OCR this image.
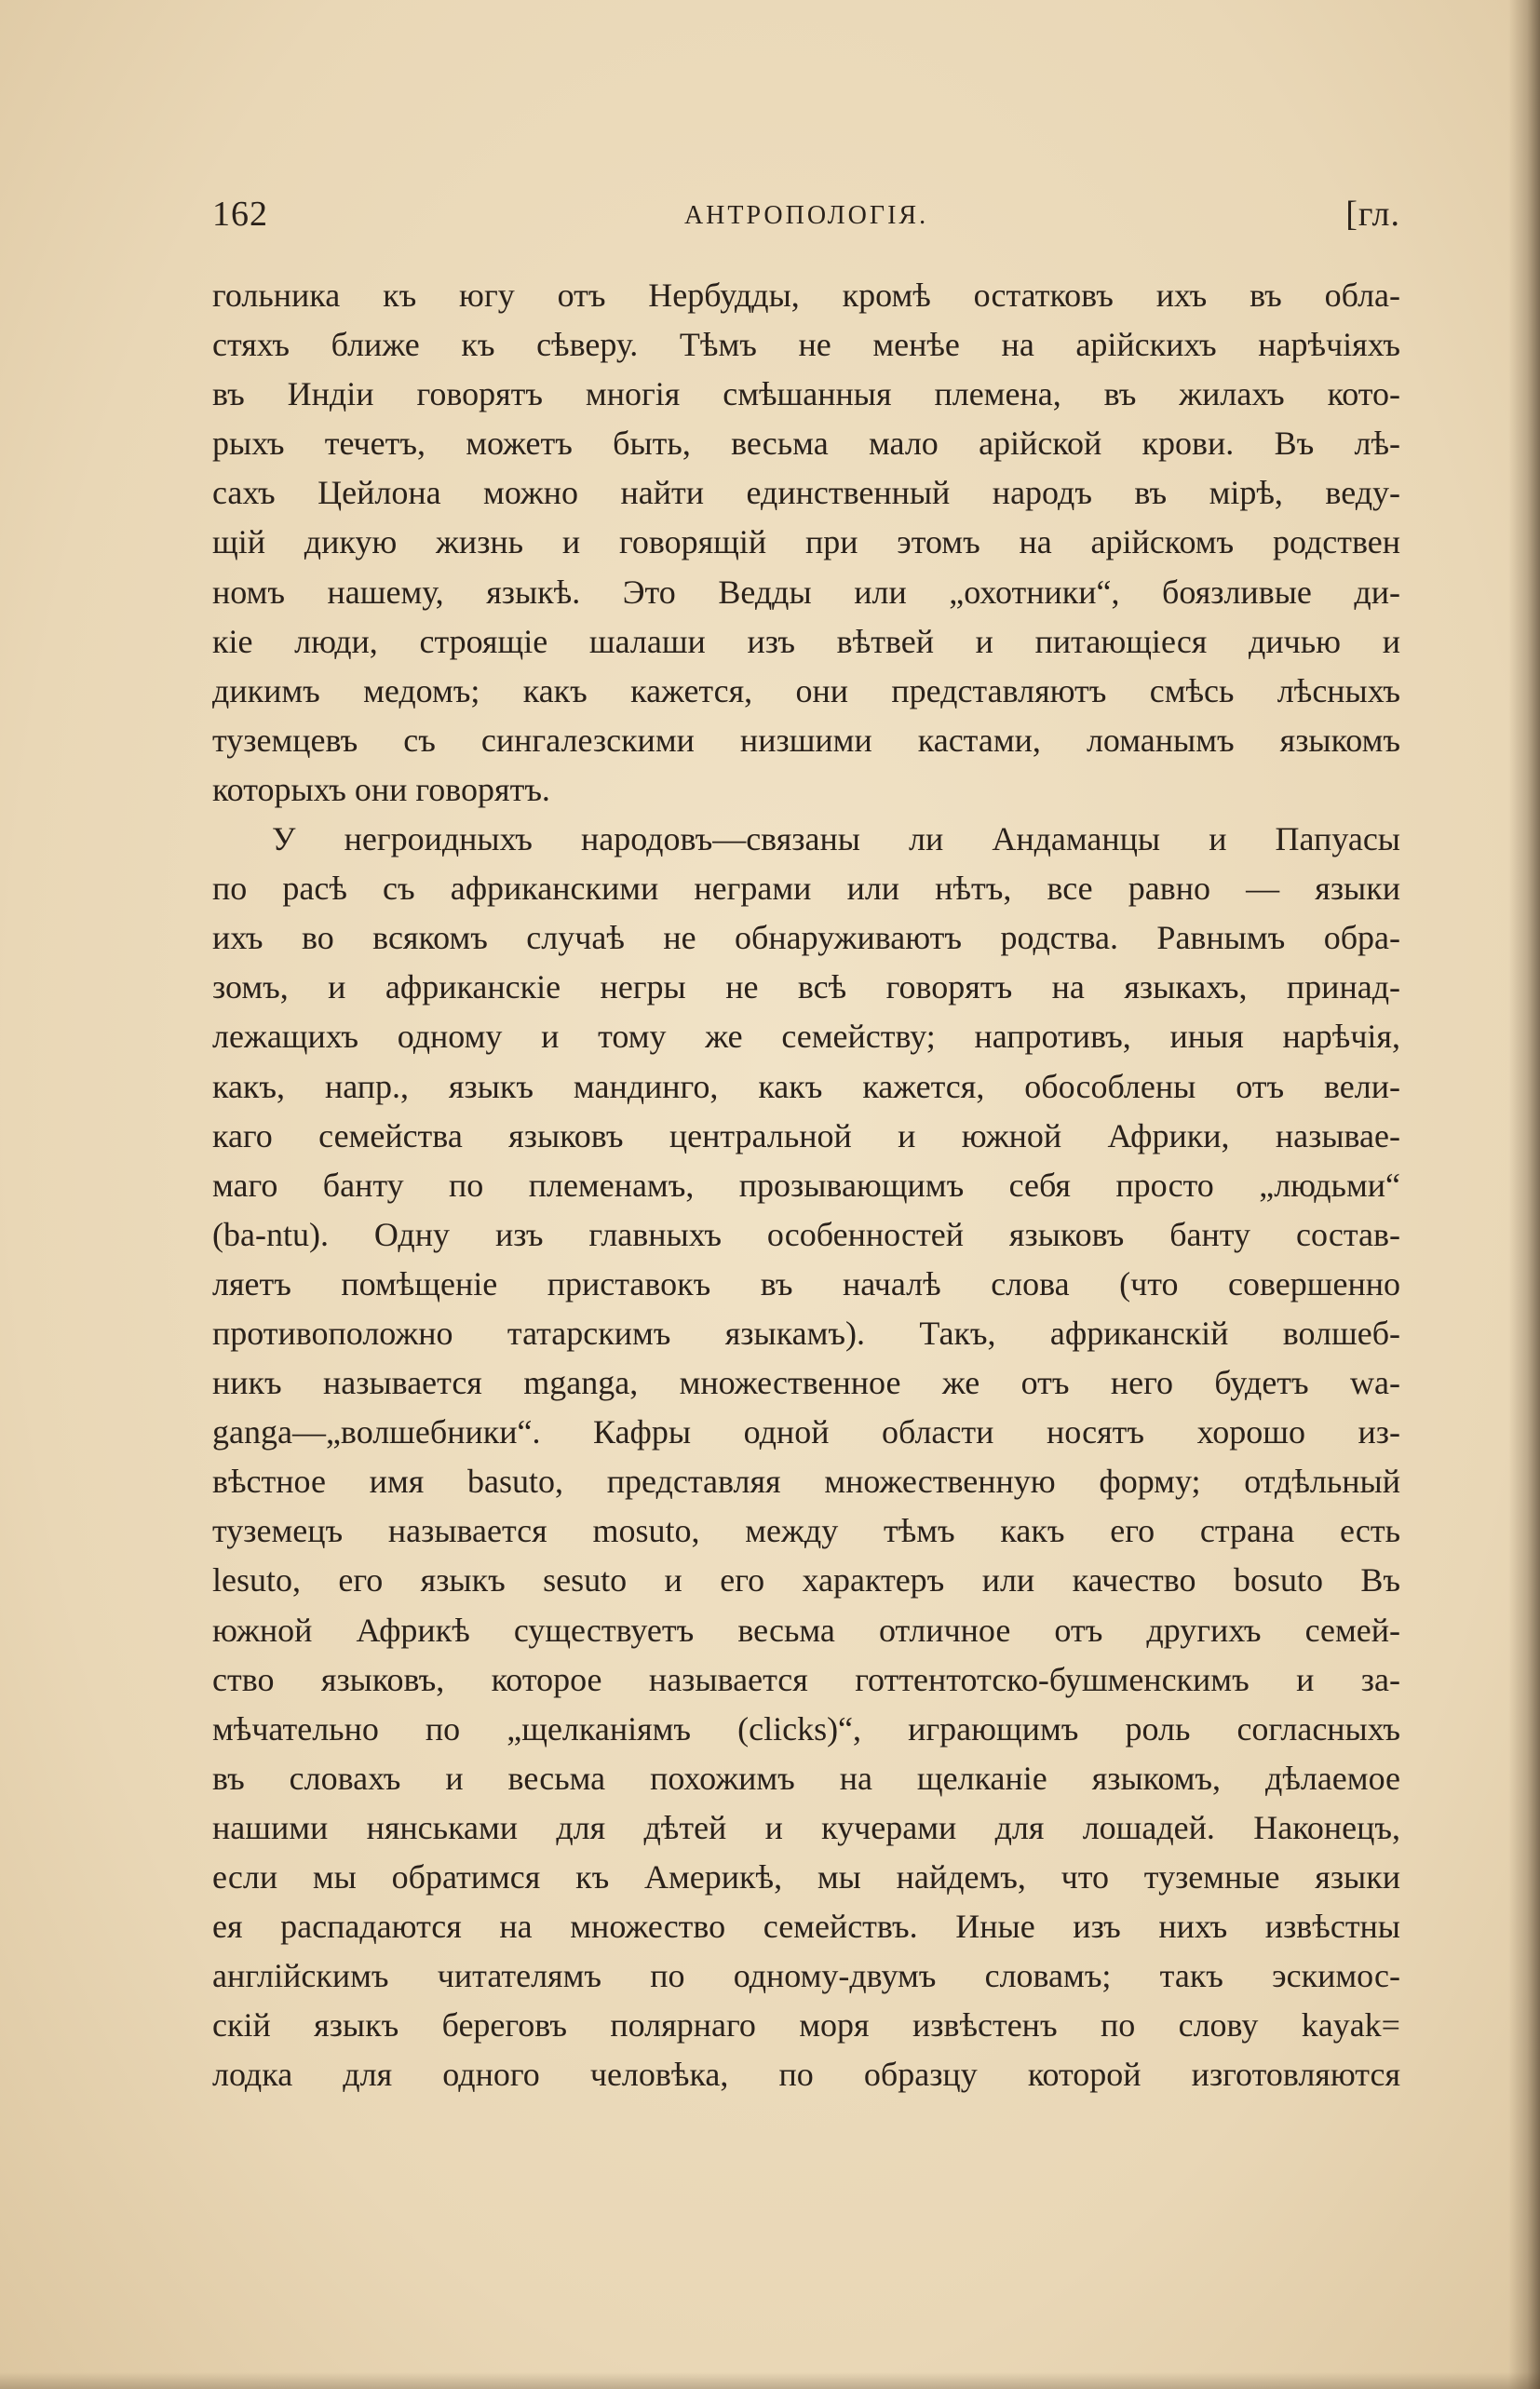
162	АНТРОПОЛОГІЯ.	[гл.
гольника къ югу отъ Нербудды, кромѣ остатковъ ихъ въ обла-
стяхъ ближе къ сѣверу. Тѣмъ не менѣе на арійскихъ нарѣчіяхъ
въ Индіи говорятъ многія смѣшанныя племена, въ жилахъ кото-
рыхъ течетъ, можетъ быть, весьма мало арійской крови. Въ лѣ-
сахъ Цейлона можно найти единственный народъ въ мірѣ, веду-
щій дикую жизнь и говорящій при этомъ на арійскомъ родствен
номъ нашему, языкѣ. Это Ведды или „охотники“, боязливые ди-
кіе люди, строящіе шалаши изъ вѣтвей и питающіеся дичью и
дикимъ медомъ; какъ кажется, они представляютъ смѣсь лѣсныхъ
туземцевъ съ сингалезскими низшими кастами, ломанымъ языкомъ
которыхъ они говорятъ.
У негроидныхъ народовъ—связаны ли Андаманцы и Папуасы
по расѣ съ африканскими неграми или нѣтъ, все равно — языки
ихъ во всякомъ случаѣ не обнаруживаютъ родства. Равнымъ обра-
зомъ, и африканскіе негры не всѣ говорятъ на языкахъ, принад-
лежащихъ одному и тому же семейству; напротивъ, иныя нарѣчія,
какъ, напр., языкъ мандинго, какъ кажется, обособлены отъ вели-
каго семейства языковъ центральной и южной Африки, называе-
маго банту по племенамъ, прозывающимъ себя просто „людьми“
(ba-ntu). Одну изъ главныхъ особенностей языковъ банту состав-
ляетъ помѣщеніе приставокъ въ началѣ слова (что совершенно
противоположно татарскимъ языкамъ). Такъ, африканскій волшеб-
никъ называется mganga, множественное же отъ него будетъ wa-
ganga—„волшебники“. Кафры одной области носятъ хорошо из-
вѣстное имя basuto, представляя множественную форму; отдѣльный
туземецъ называется mosuto, между тѣмъ какъ его страна есть
lesuto, его языкъ sesuto и его характеръ или качество bosuto Въ
южной Африкѣ существуетъ весьма отличное отъ другихъ семей-
ство языковъ, которое называется готтентотско-бушменскимъ и за-
мѣчательно по „щелканіямъ (clicks)“, играющимъ роль согласныхъ
въ словахъ и весьма похожимъ на щелканіе языкомъ, дѣлаемое
нашими нянськами для дѣтей и кучерами для лошадей. Наконецъ,
если мы обратимся къ Америкѣ, мы найдемъ, что туземные языки
ея распадаются на множество семействъ. Иные изъ нихъ извѣстны
англійскимъ читателямъ по одному-двумъ словамъ; такъ эскимос-
скій языкъ береговъ полярнаго моря извѣстенъ по слову kayak=
лодка для одного человѣка, по образцу которой изготовляются
